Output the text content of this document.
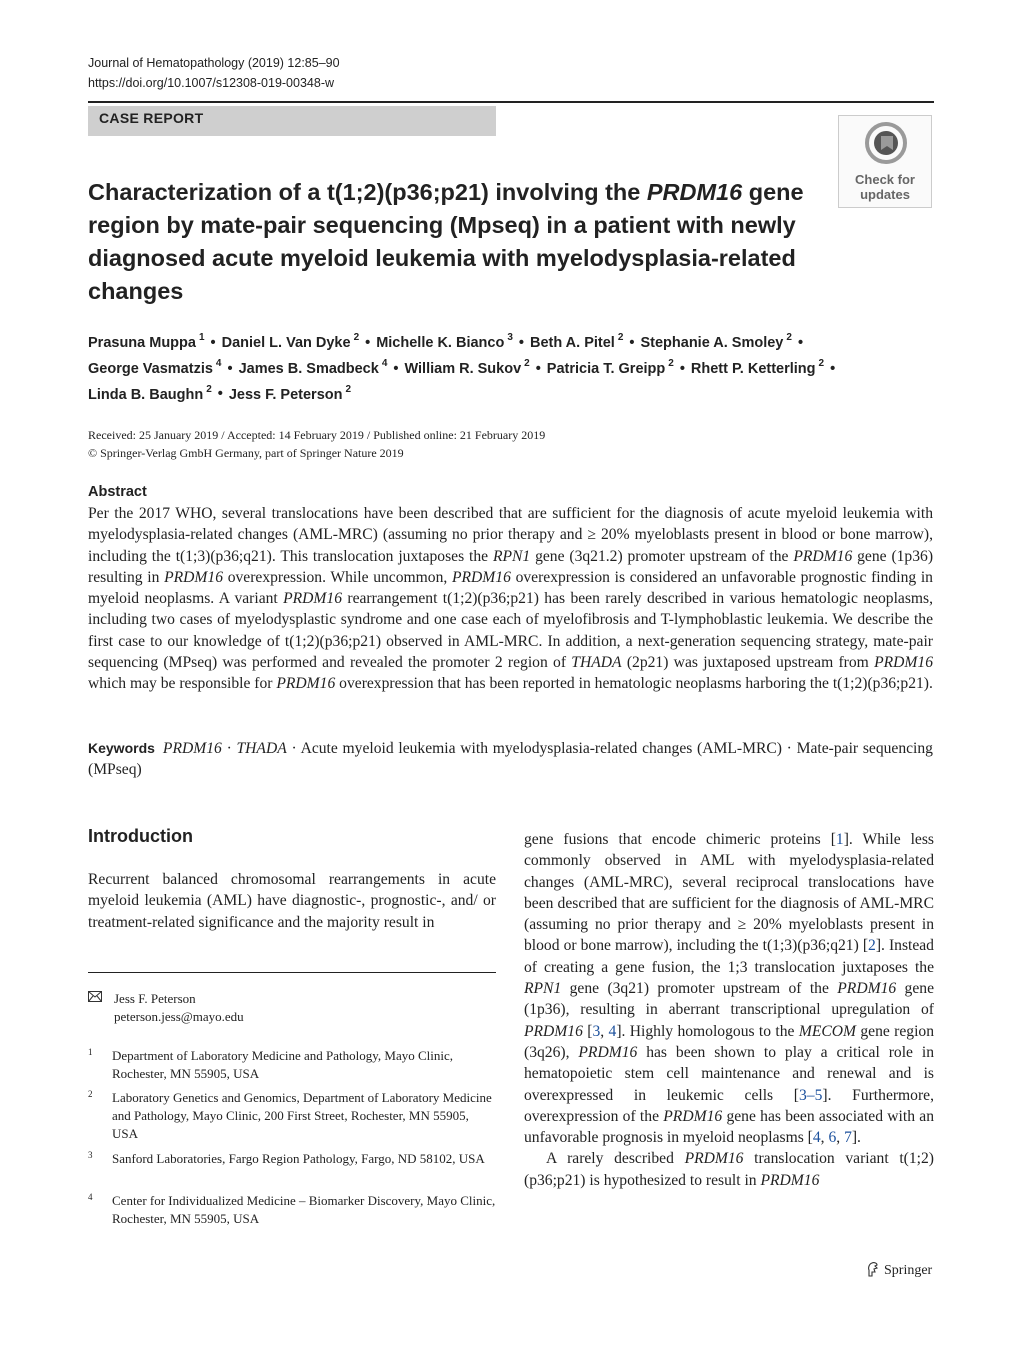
Journal of Hematopathology (2019) 12:85–90
https://doi.org/10.1007/s12308-019-00348-w
CASE REPORT
Check for
updates
Characterization of a t(1;2)(p36;p21) involving the PRDM16 gene region by mate-pair sequencing (Mpseq) in a patient with newly diagnosed acute myeloid leukemia with myelodysplasia-related changes
Prasuna Muppa $^1$ • Daniel L. Van Dyke $^2$ • Michelle K. Bianco $^3$ • Beth A. Pitel $^2$ • Stephanie A. Smoley $^2$ •
George Vasmatzis $^4$ • James B. Smadbeck $^4$ • William R. Sukov $^2$ • Patricia T. Greipp $^2$ • Rhett P. Ketterling $^2$ •
Linda B. Baughn $^2$ • Jess F. Peterson $^2$
Received: 25 January 2019 / Accepted: 14 February 2019 / Published online: 21 February 2019
© Springer-Verlag GmbH Germany, part of Springer Nature 2019
Abstract
Per the 2017 WHO, several translocations have been described that are sufficient for the diagnosis of acute myeloid leukemia with myelodysplasia-related changes (AML-MRC) (assuming no prior therapy and ≥ 20% myeloblasts present in blood or bone marrow), including the t(1;3)(p36;q21). This translocation juxtaposes the RPN1 gene (3q21.2) promoter upstream of the PRDM16 gene (1p36) resulting in PRDM16 overexpression. While uncommon, PRDM16 overexpression is considered an unfavorable prognostic finding in myeloid neoplasms. A variant PRDM16 rearrangement t(1;2)(p36;p21) has been rarely described in various hematologic neoplasms, including two cases of myelodysplastic syndrome and one case each of myelofibrosis and T-lymphoblastic leukemia. We describe the first case to our knowledge of t(1;2)(p36;p21) observed in AML-MRC. In addition, a next-generation sequencing strategy, mate-pair sequencing (MPseq) was performed and revealed the promoter 2 region of THADA (2p21) was juxtaposed upstream from PRDM16 which may be responsible for PRDM16 overexpression that has been reported in hematologic neoplasms harboring the t(1;2)(p36;p21).
Keywords PRDM16 · THADA · Acute myeloid leukemia with myelodysplasia-related changes (AML-MRC) · Mate-pair sequencing (MPseq)
Introduction
Recurrent balanced chromosomal rearrangements in acute myeloid leukemia (AML) have diagnostic-, prognostic-, and/ or treatment-related significance and the majority result in
Jess F. Peterson
peterson.jess@mayo.edu
1 Department of Laboratory Medicine and Pathology, Mayo Clinic, Rochester, MN 55905, USA
2 Laboratory Genetics and Genomics, Department of Laboratory Medicine and Pathology, Mayo Clinic, 200 First Street, Rochester, MN 55905, USA
3 Sanford Laboratories, Fargo Region Pathology, Fargo, ND 58102, USA
4 Center for Individualized Medicine – Biomarker Discovery, Mayo Clinic, Rochester, MN 55905, USA

gene fusions that encode chimeric proteins [1]. While less commonly observed in AML with myelodysplasia-related changes (AML-MRC), several reciprocal translocations have been described that are sufficient for the diagnosis of AML-MRC (assuming no prior therapy and ≥ 20% myeloblasts present in blood or bone marrow), including the t(1;3)(p36;q21) [2]. Instead of creating a gene fusion, the 1;3 translocation juxtaposes the RPN1 gene (3q21) promoter upstream of the PRDM16 gene (1p36), resulting in aberrant transcriptional upregulation of PRDM16 [3, 4]. Highly homologous to the MECOM gene region (3q26), PRDM16 has been shown to play a critical role in hematopoietic stem cell maintenance and renewal and is overexpressed in leukemic cells [3–5]. Furthermore, overexpression of the PRDM16 gene has been associated with an unfavorable prognosis in myeloid neoplasms [4, 6, 7].

A rarely described PRDM16 translocation variant t(1;2)(p36;p21) is hypothesized to result in PRDM16

Springer
